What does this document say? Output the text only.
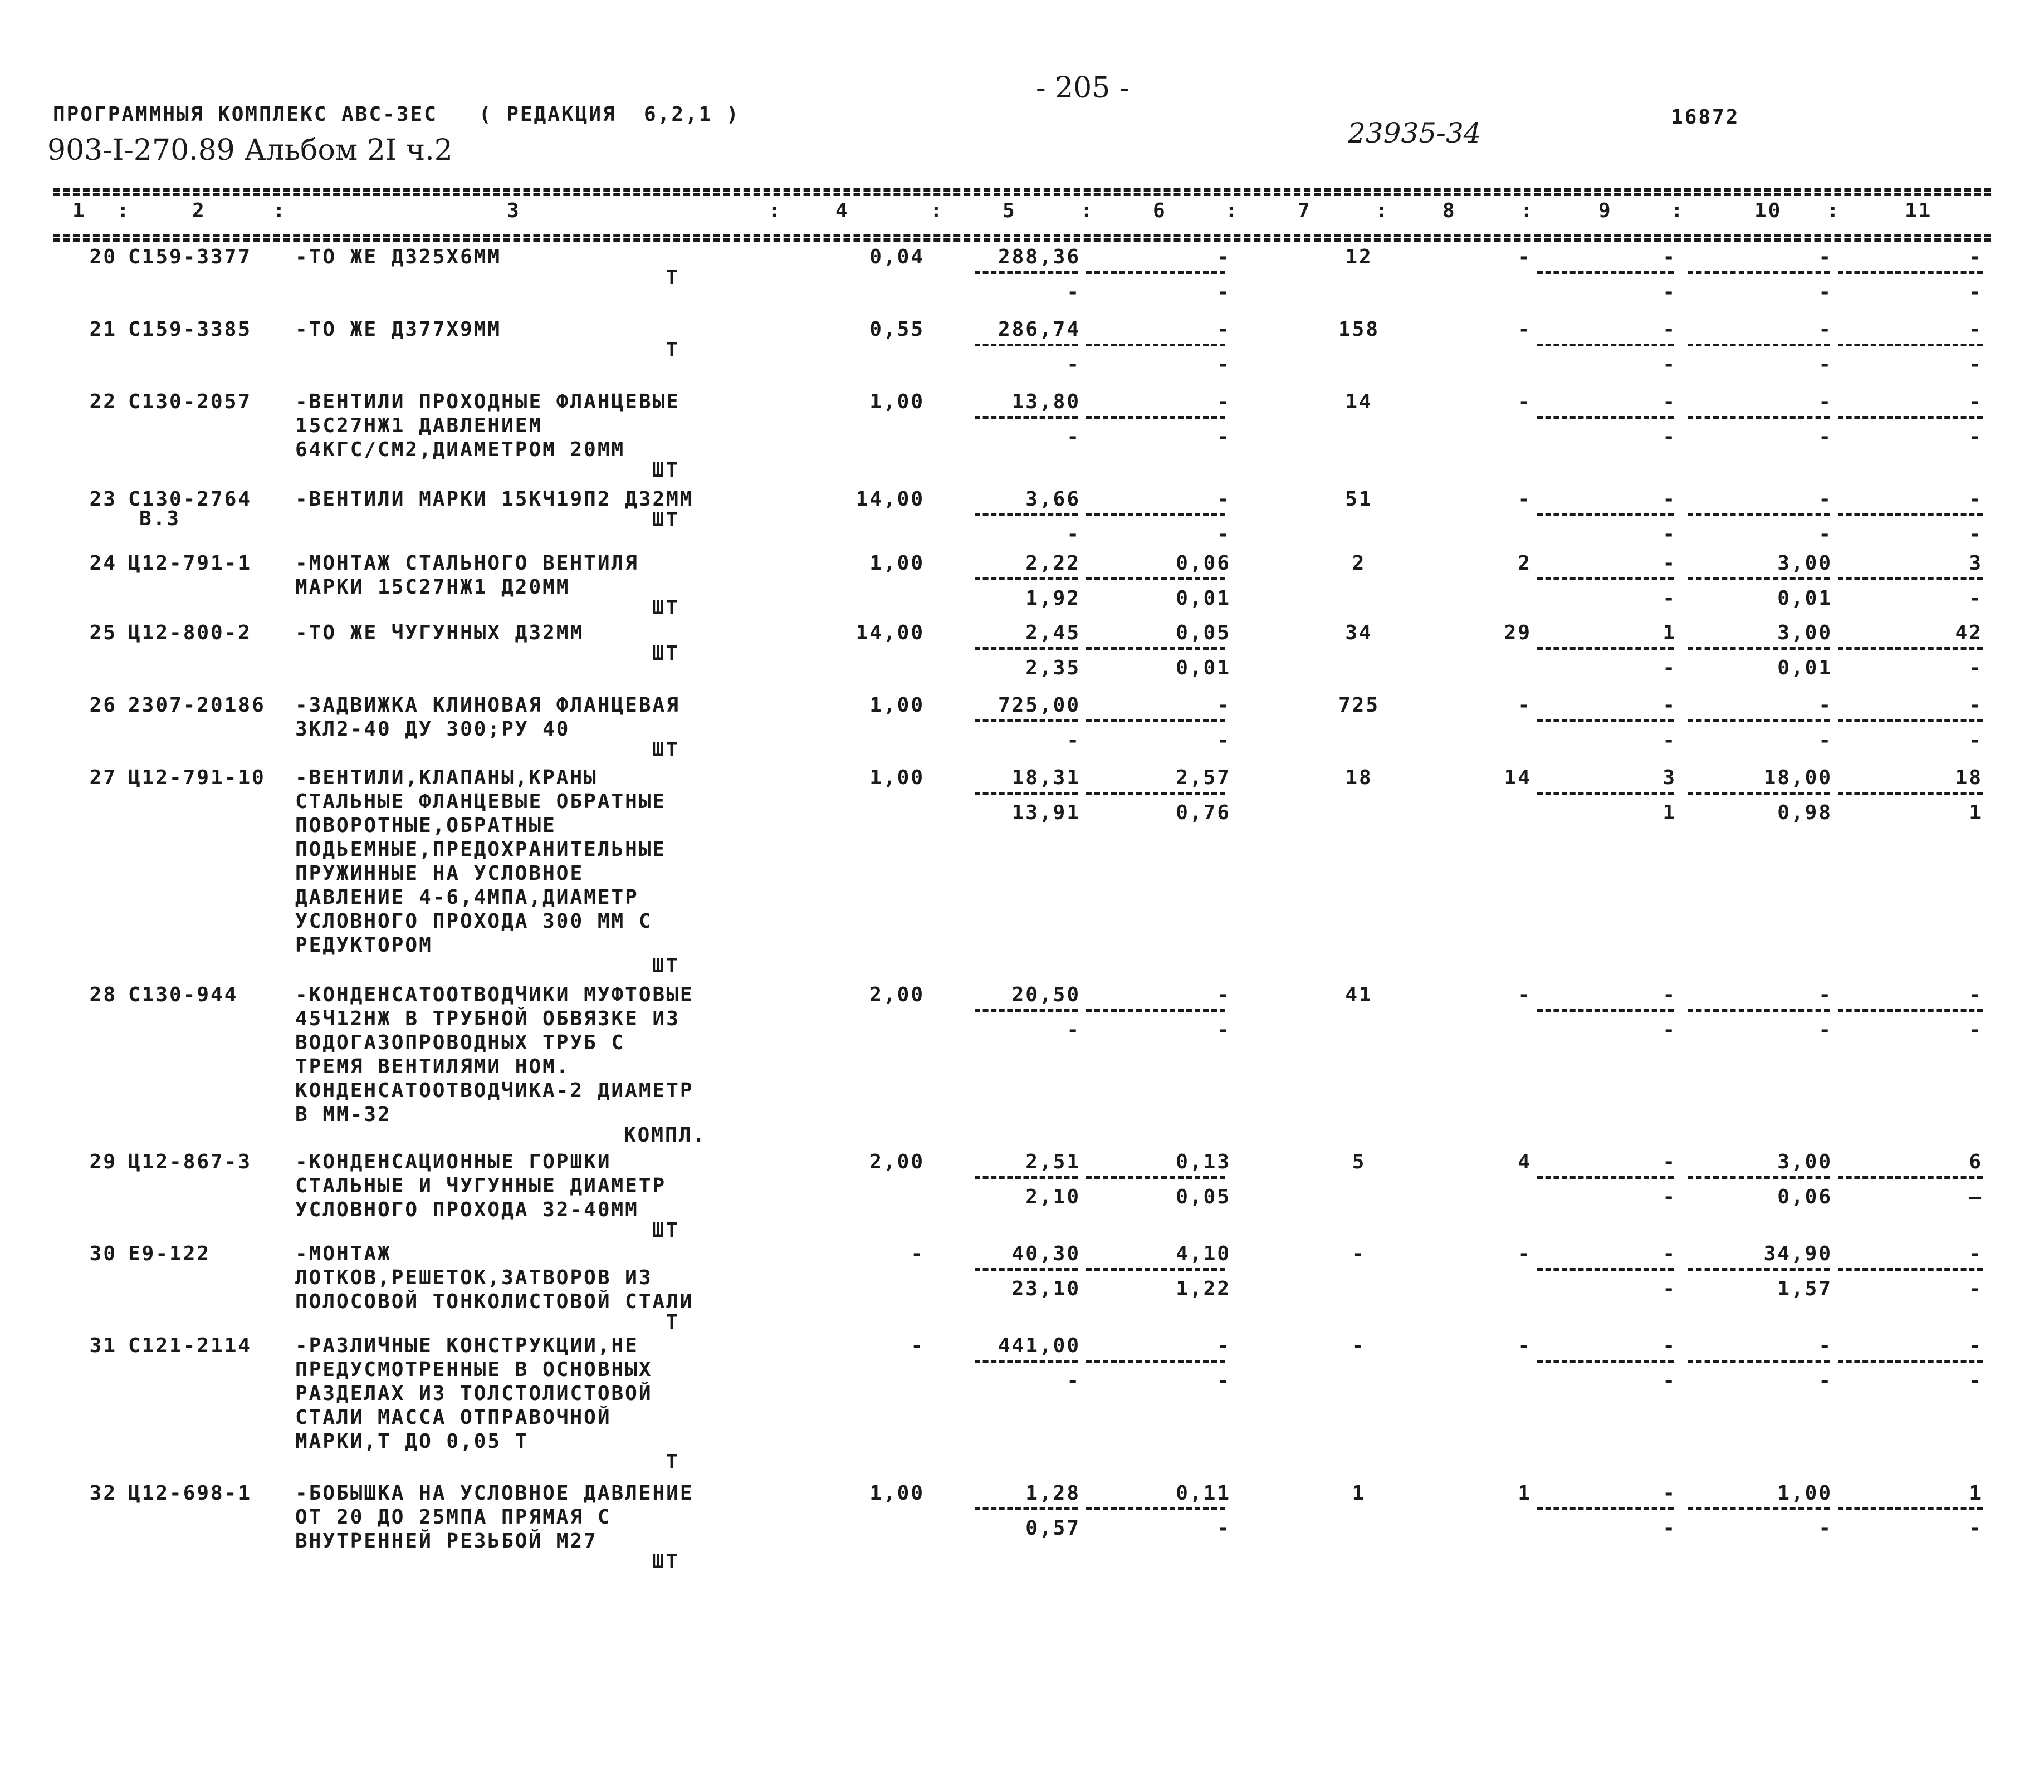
- 205 -
ПРОГРАММНЫЯ КОМПЛЕКС АВС-ЗЕС   ( РЕДАКЦИЯ  6,2,1 )
903-I-270.89 Альбом 2I ч.2
23935-34	16872
1	2	3	4	5	6	7	8	9	10	11
:	:	:	:	:	:	:	:	:	:
20 С159-3377	-ТО ЖЕ Д325Х6ММ
Т
0,04	288,36	-	12	-	-	-	-
-	-	-	-	-
21 С159-3385	-ТО ЖЕ Д377Х9ММ
Т
0,55	286,74	-	158	-	-	-	-
-	-	-	-	-
22 С130-2057	-ВЕНТИЛИ ПРОХОДНЫЕ ФЛАНЦЕВЫЕ
15С27НЖ1 ДАВЛЕНИЕМ
64КГС/СМ2,ДИАМЕТРОМ 20ММ
ШТ
1,00	13,80	-	14	-	-	-	-
-	-	-	-	-
23 С130-2764
В.3
-ВЕНТИЛИ МАРКИ 15КЧ19П2 Д32ММ
ШТ
14,00	3,66	-	51	-	-	-	-
-	-	-	-	-
24 Ц12-791-1	-МОНТАЖ СТАЛЬНОГО ВЕНТИЛЯ
МАРКИ 15С27НЖ1 Д20ММ
ШТ
1,00	2,22	0,06	2	2	-	3,00	3
1,92	0,01	-	0,01	-
25 Ц12-800-2	-ТО ЖЕ ЧУГУННЫХ Д32ММ
ШТ
14,00	2,45	0,05	34	29	1	3,00	42
2,35	0,01	-	0,01	-
26 2307-20186	-ЗАДВИЖКА КЛИНОВАЯ ФЛАНЦЕВАЯ
ЗКЛ2-40 ДУ 300;РУ 40
ШТ
1,00	725,00	-	725	-	-	-	-
-	-	-	-	-
27 Ц12-791-10	-ВЕНТИЛИ,КЛАПАНЫ,КРАНЫ
СТАЛЬНЫЕ ФЛАНЦЕВЫЕ ОБРАТНЫЕ
ПОВОРОТНЫЕ,ОБРАТНЫЕ
ПОДЬЕМНЫЕ,ПРЕДОХРАНИТЕЛЬНЫЕ
ПРУЖИННЫЕ НА УСЛОВНОЕ
ДАВЛЕНИЕ 4-6,4МПА,ДИАМЕТР
УСЛОВНОГО ПРОХОДА 300 ММ С
РЕДУКТОРОМ
ШТ
1,00	18,31	2,57	18	14	3	18,00	18
13,91	0,76	1	0,98	1
28 С130-944	-КОНДЕНСАТООТВОДЧИКИ МУФТОВЫЕ
45Ч12НЖ В ТРУБНОЙ ОБВЯЗКЕ ИЗ
ВОДОГАЗОПРОВОДНЫХ ТРУБ С
ТРЕМЯ ВЕНТИЛЯМИ НОМ.
КОНДЕНСАТООТВОДЧИКА-2 ДИАМЕТР
В ММ-32
КОМПЛ.
2,00	20,50	-	41	-	-	-	-
-	-	-	-	-
29 Ц12-867-3	-КОНДЕНСАЦИОННЫЕ ГОРШКИ
СТАЛЬНЫЕ И ЧУГУННЫЕ ДИАМЕТР
УСЛОВНОГО ПРОХОДА 32-40ММ
ШТ
2,00	2,51	0,13	5	4	-	3,00	6
2,10	0,05	-	0,06	—
30 Е9-122	-МОНТАЖ
ЛОТКОВ,РЕШЕТОК,ЗАТВОРОВ ИЗ
ПОЛОСОВОЙ ТОНКОЛИСТОВОЙ СТАЛИ
Т
-	40,30	4,10	-	-	-	34,90	-
23,10	1,22	-	1,57	-
31 С121-2114	-РАЗЛИЧНЫЕ КОНСТРУКЦИИ,НЕ
ПРЕДУСМОТРЕННЫЕ В ОСНОВНЫХ
РАЗДЕЛАХ ИЗ ТОЛСТОЛИСТОВОЙ
СТАЛИ МАССА ОТПРАВОЧНОЙ
МАРКИ,Т ДО 0,05 Т
Т
-	441,00	-	-	-	-	-	-
-	-	-	-	-
32 Ц12-698-1	-БОБЫШКА НА УСЛОВНОЕ ДАВЛЕНИЕ
ОТ 20 ДО 25МПА ПРЯМАЯ С
ВНУТРЕННЕЙ РЕЗЬБОЙ М27
ШТ
1,00	1,28	0,11	1	1	-	1,00	1
0,57	-	-	-	-
